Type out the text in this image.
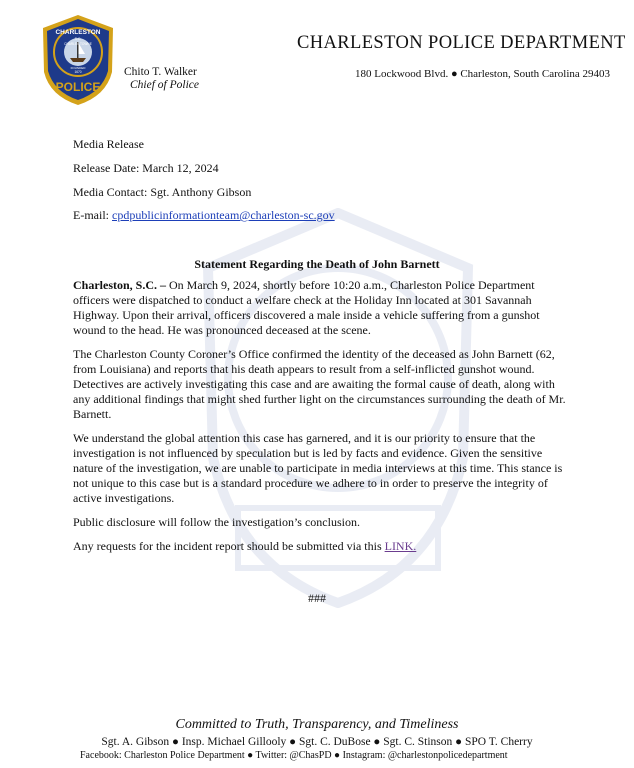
CHARLESTON
S.C.
CHARLES TOWNE
FOUNDED
1670
POLICE
Chito T. Walker
Chief of Police
CHARLESTON POLICE DEPARTMENT
180 Lockwood Blvd. ● Charleston, South Carolina 29403
Media Release
Release Date: March 12, 2024
Media Contact: Sgt. Anthony Gibson
E-mail: cpdpublicinformationteam@charleston-sc.gov
Statement Regarding the Death of John Barnett

Charleston, S.C. – On March 9, 2024, shortly before 10:20 a.m., Charleston Police Department officers were dispatched to conduct a welfare check at the Holiday Inn located at 301 Savannah Highway. Upon their arrival, officers discovered a male inside a vehicle suffering from a gunshot wound to the head. He was pronounced deceased at the scene.

The Charleston County Coroner’s Office confirmed the identity of the deceased as John Barnett (62, from Louisiana) and reports that his death appears to result from a self-inflicted gunshot wound. Detectives are actively investigating this case and are awaiting the formal cause of death, along with any additional findings that might shed further light on the circumstances surrounding the death of Mr. Barnett.

We understand the global attention this case has garnered, and it is our priority to ensure that the investigation is not influenced by speculation but is led by facts and evidence. Given the sensitive nature of the investigation, we are unable to participate in media interviews at this time. This stance is not unique to this case but is a standard procedure we adhere to in order to preserve the integrity of active investigations.

Public disclosure will follow the investigation’s conclusion.

Any requests for the incident report should be submitted via this LINK.

###
Committed to Truth, Transparency, and Timeliness
Sgt. A. Gibson ● Insp. Michael Gillooly ● Sgt. C. DuBose ● Sgt. C. Stinson ● SPO T. Cherry
Facebook: Charleston Police Department ● Twitter: @ChasPD ● Instagram: @charlestonpolicedepartment
